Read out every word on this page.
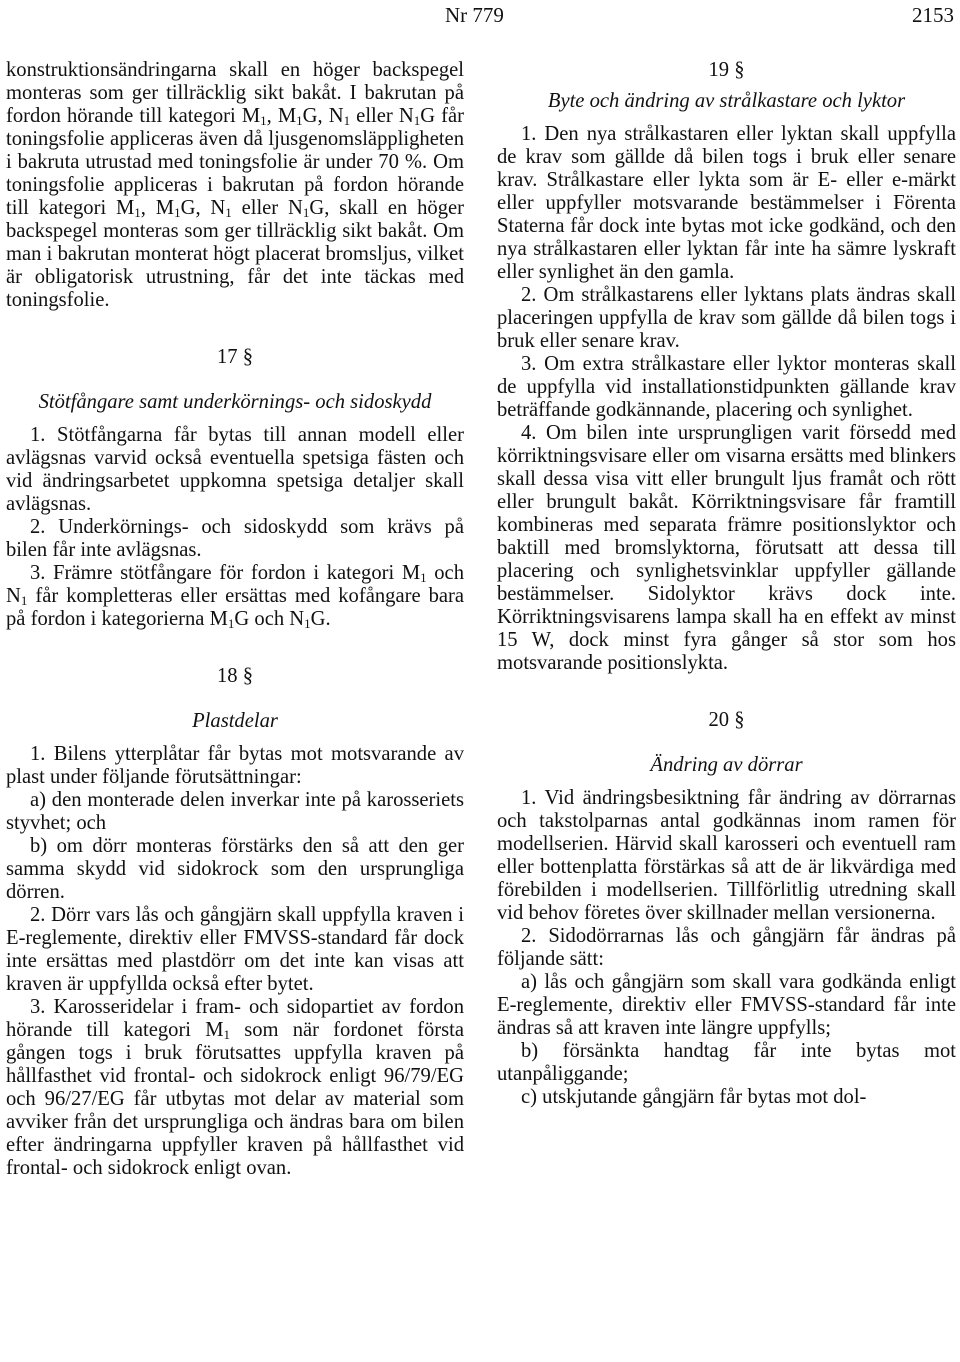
Nr 779	2153

konstruktionsändringarna skall en höger backspegel monteras som ger tillräcklig sikt bakåt. I bakrutan på fordon hörande till kategori $M_1$, $M_1G$, $N_1$ eller $N_1G$ får toningsfolie appliceras även då ljusgenomsläppligheten i bakruta utrustad med toningsfolie är under 70 %. Om toningsfolie appliceras i bakrutan på fordon hörande till kategori $M_1$, $M_1G$, $N_1$ eller $N_1G$, skall en höger backspegel monteras som ger tillräcklig sikt bakåt. Om man i bakrutan monterat högt placerat bromsljus, vilket är obligatorisk utrustning, får det inte täckas med toningsfolie.

17 §
Stötfångare samt underkörnings- och sidoskydd

1. Stötfångarna får bytas till annan modell eller avlägsnas varvid också eventuella spetsiga fästen och vid ändringsarbetet uppkomna spetsiga detaljer skall avlägsnas.

2. Underkörnings- och sidoskydd som krävs på bilen får inte avlägsnas.

3. Främre stötfångare för fordon i kategori $M_1$ och $N_1$ får kompletteras eller ersättas med kofångare bara på fordon i kategorierna $M_1G$ och $N_1G$.

18 §
Plastdelar

1. Bilens ytterplåtar får bytas mot motsvarande av plast under följande förutsättningar:

a) den monterade delen inverkar inte på karosseriets styvhet; och

b) om dörr monteras förstärks den så att den ger samma skydd vid sidokrock som den ursprungliga dörren.

2. Dörr vars lås och gångjärn skall uppfylla kraven i E-reglemente, direktiv eller FMVSS-standard får dock inte ersättas med plastdörr om det inte kan visas att kraven är uppfyllda också efter bytet.

3. Karosseridelar i fram- och sidopartiet av fordon hörande till kategori $M_1$ som när fordonet första gången togs i bruk förutsattes uppfylla kraven på hållfasthet vid frontal- och sidokrock enligt 96/79/EG och 96/27/EG får utbytas mot delar av material som avviker från det ursprungliga och ändras bara om bilen efter ändringarna uppfyller kraven på hållfasthet vid frontal- och sidokrock enligt ovan.

19 §
Byte och ändring av strålkastare och lyktor

1. Den nya strålkastaren eller lyktan skall uppfylla de krav som gällde då bilen togs i bruk eller senare krav. Strålkastare eller lykta som är E- eller e-märkt eller uppfyller motsvarande bestämmelser i Förenta Staterna får dock inte bytas mot icke godkänd, och den nya strålkastaren eller lyktan får inte ha sämre lyskraft eller synlighet än den gamla.

2. Om strålkastarens eller lyktans plats ändras skall placeringen uppfylla de krav som gällde då bilen togs i bruk eller senare krav.

3. Om extra strålkastare eller lyktor monteras skall de uppfylla vid installationstidpunkten gällande krav beträffande godkännande, placering och synlighet.

4. Om bilen inte ursprungligen varit försedd med körriktningsvisare eller om visarna ersätts med blinkers skall dessa visa vitt eller brungult ljus framåt och rött eller brungult bakåt. Körriktningsvisare får framtill kombineras med separata främre positionslyktor och baktill med bromslyktorna, förutsatt att dessa till placering och synlighetsvinklar uppfyller gällande bestämmelser. Sidolyktor krävs dock inte. Körriktningsvisarens lampa skall ha en effekt av minst 15 W, dock minst fyra gånger så stor som hos motsvarande positionslykta.

20 §
Ändring av dörrar

1. Vid ändringsbesiktning får ändring av dörrarnas och takstolparnas antal godkännas inom ramen för modellserien. Härvid skall karosseri och eventuell ram eller bottenplatta förstärkas så att de är likvärdiga med förebilden i modellserien. Tillförlitlig utredning skall vid behov företes över skillnader mellan versionerna.

2. Sidodörrarnas lås och gångjärn får ändras på följande sätt:

a) lås och gångjärn som skall vara godkända enligt E-reglemente, direktiv eller FMVSS-standard får inte ändras så att kraven inte längre uppfylls;

b) försänkta handtag får inte bytas mot utanpåliggande;

c) utskjutande gångjärn får bytas mot dol-
